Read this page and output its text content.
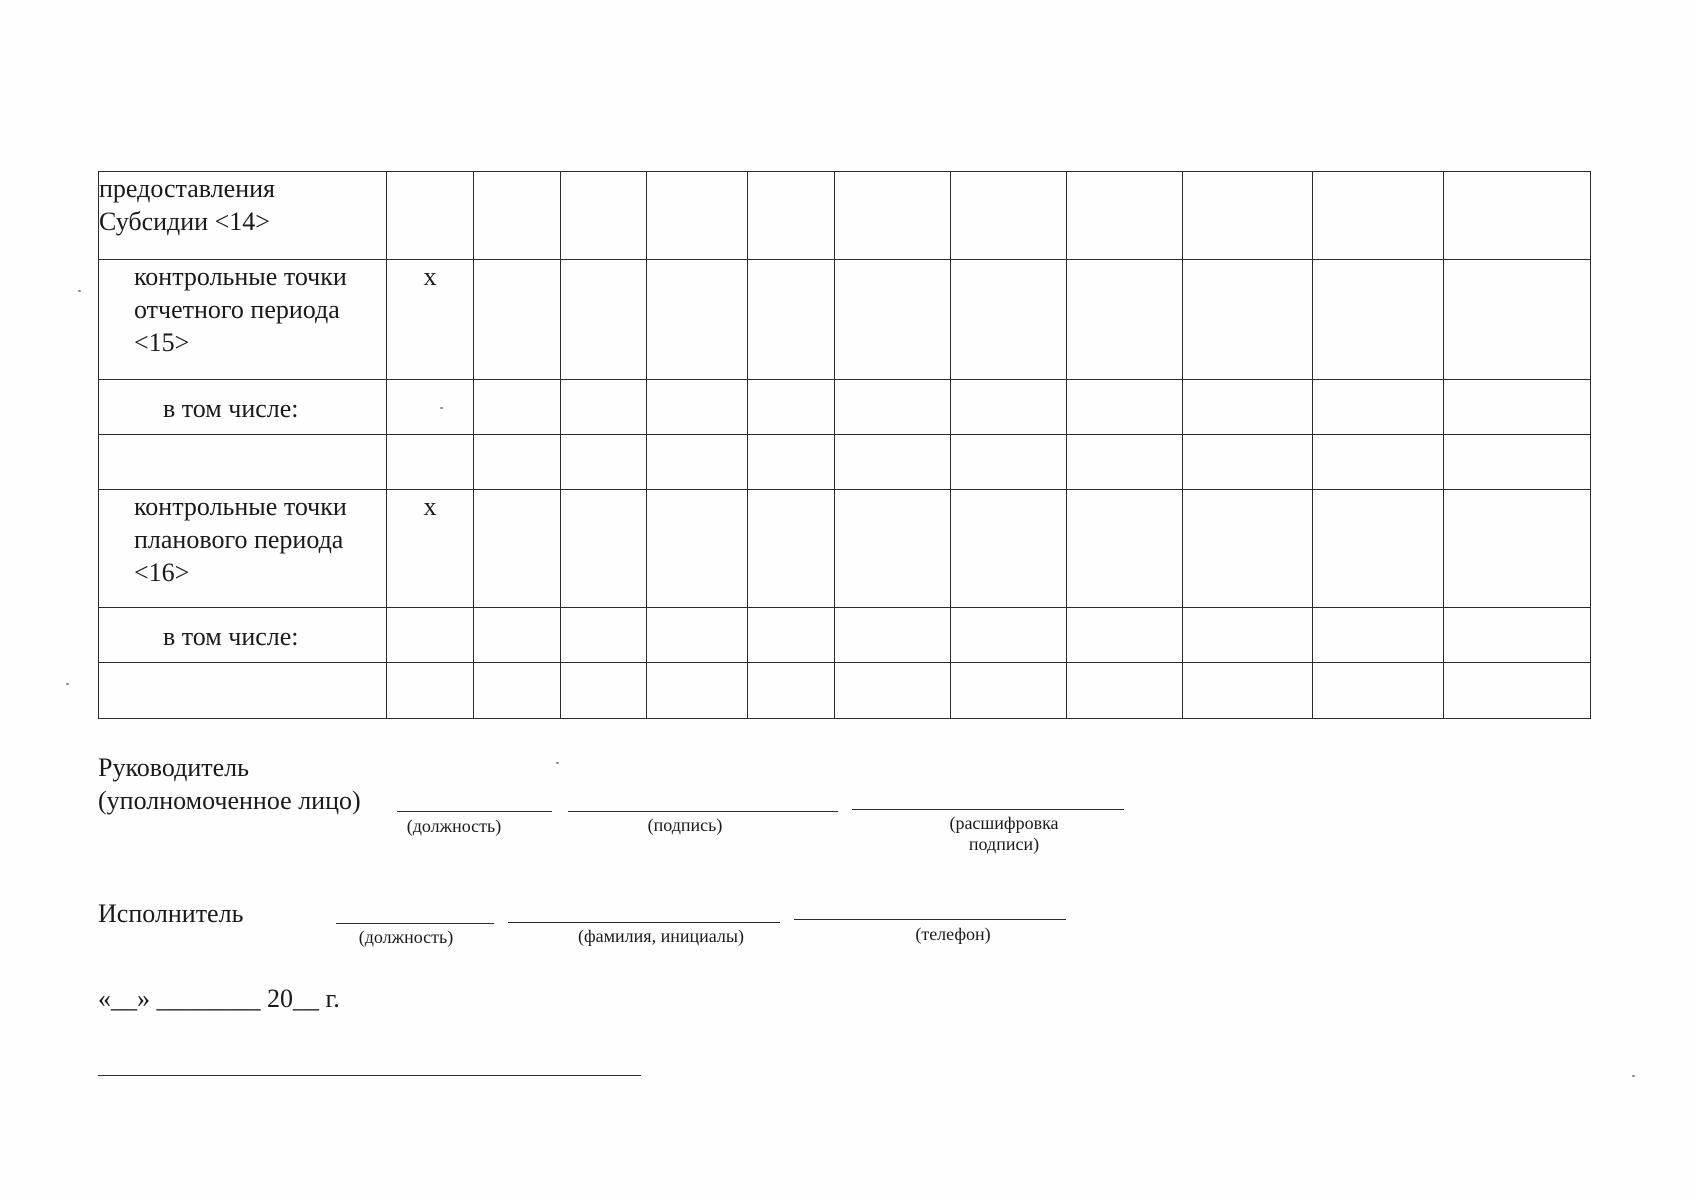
предоставления
Субсидии <14>											
контрольные точки
отчетного периода
<15>	x										
в том числе:											

контрольные точки
планового периода
<16>	x										
в том числе:											

Руководитель
(уполномоченное лицо)
(должность)	(подпись)	(расшифровка
подписи)
Исполнитель
(должность)	(фамилия, инициалы)	(телефон)
«__» ________ 20__ г.
